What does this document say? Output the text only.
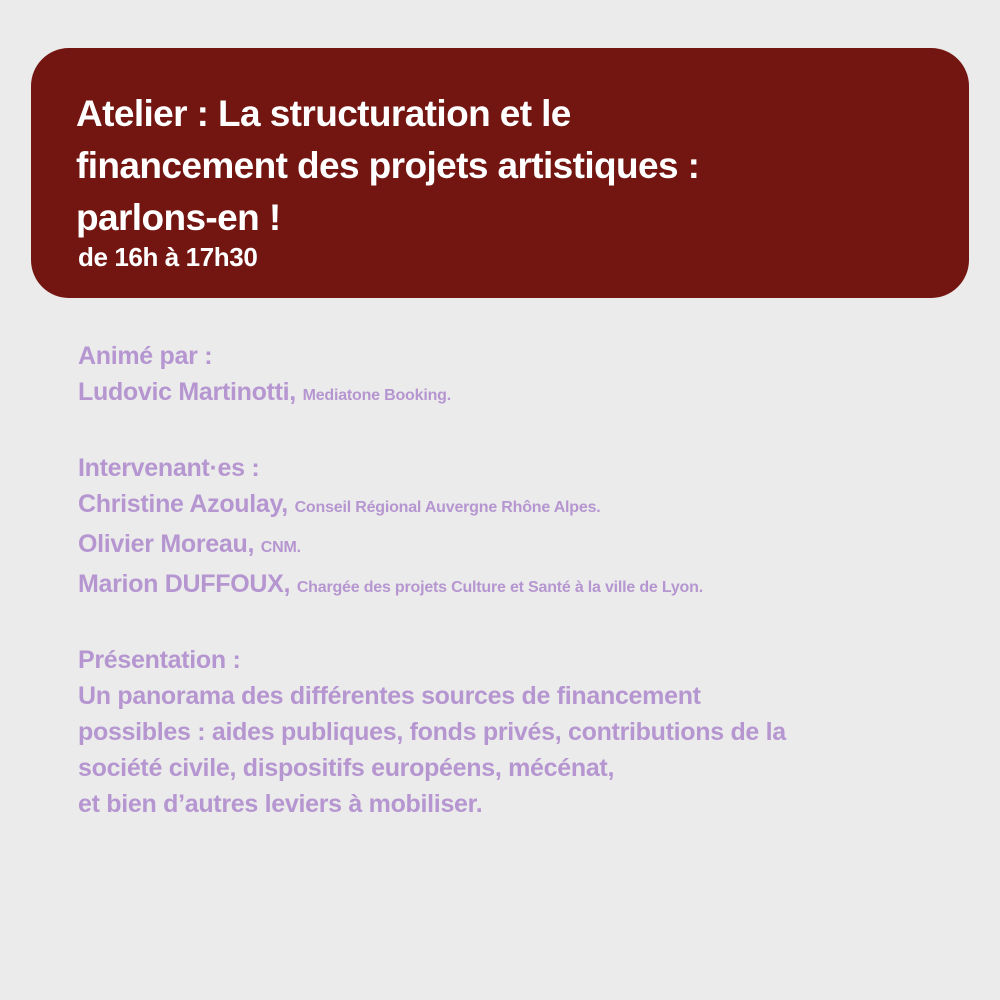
Atelier : La structuration et le
financement des projets artistiques :
parlons-en !

de 16h à 17h30

Animé par :

Ludovic Martinotti, Mediatone Booking.

Intervenant·es :

Christine Azoulay, Conseil Régional Auvergne Rhône Alpes.

Olivier Moreau, CNM.

Marion DUFFOUX, Chargée des projets Culture et Santé à la ville de Lyon.

Présentation :

Un panorama des différentes sources de financement

possibles : aides publiques, fonds privés, contributions de la

société civile, dispositifs européens, mécénat,

et bien d’autres leviers à mobiliser.
